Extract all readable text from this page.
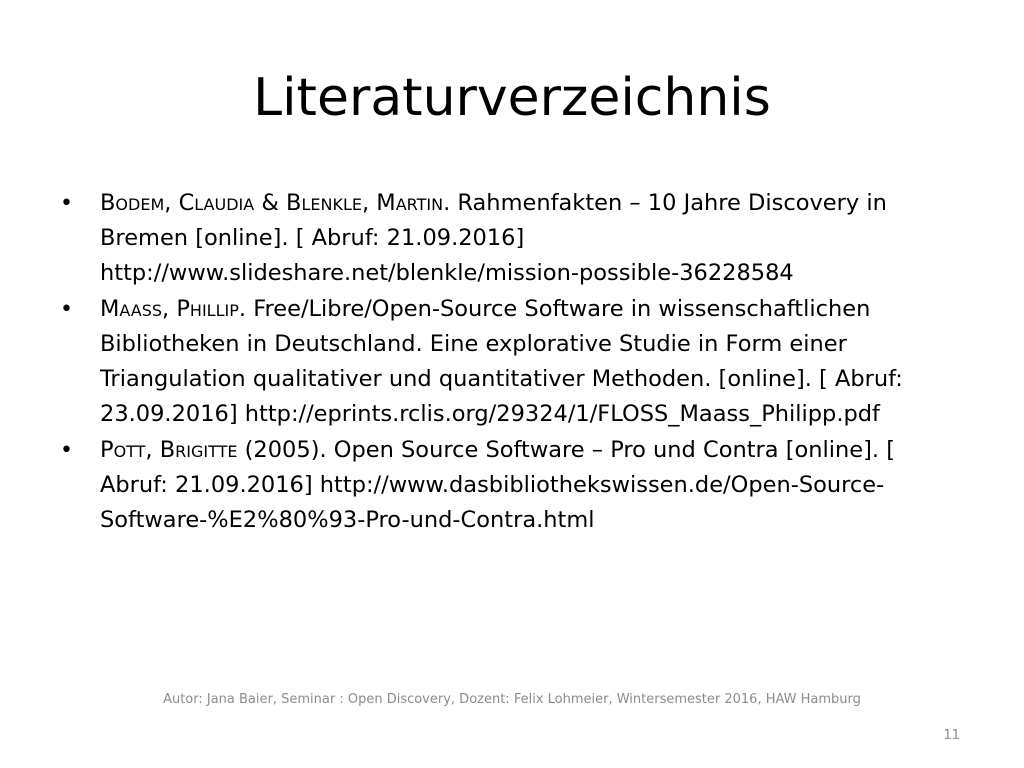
Literaturverzeichnis
• Bodem, Claudia & Blenkle, Martin. Rahmenfakten – 10 Jahre Discovery in Bremen [online]. [ Abruf: 21.09.2016] http://www.slideshare.net/blenkle/mission-possible-36228584
• Maaß, Phillip. Free/Libre/Open-Source Software in wissenschaftlichen Bibliotheken in Deutschland. Eine explorative Studie in Form einer Triangulation qualitativer und quantitativer Methoden. [online]. [ Abruf: 23.09.2016] http://eprints.rclis.org/29324/1/FLOSS_Maass_Philipp.pdf
• Pott, Brigitte (2005). Open Source Software – Pro und Contra [online]. [ Abruf: 21.09.2016] http://www.dasbibliothekswissen.de/Open-Source-Software-%E2%80%93-Pro-und-Contra.html
Autor: Jana Baier, Seminar : Open Discovery, Dozent: Felix Lohmeier, Wintersemester 2016, HAW Hamburg
11
